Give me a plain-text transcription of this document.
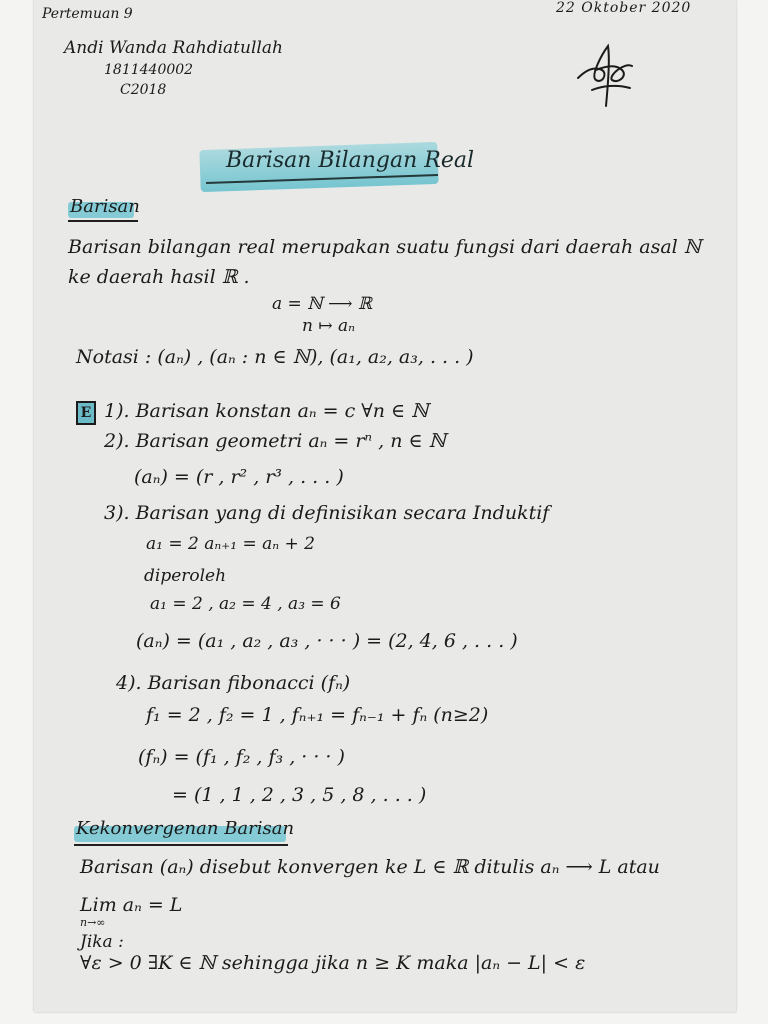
Pertemuan 9	22 Oktober 2020
Andi Wanda Rahdiatullah
1811440002
C2018
Barisan Bilangan Real
Barisan
Barisan bilangan real merupakan suatu fungsi dari daerah asal ℕ
ke daerah hasil ℝ .
a = ℕ ⟶ ℝ
n ↦ aₙ
Notasi : (aₙ) , (aₙ : n ∈ ℕ), (a₁, a₂, a₃, . . . )
E 1). Barisan konstan aₙ = c ∀n ∈ ℕ
2). Barisan geometri aₙ = rⁿ , n ∈ ℕ
(aₙ) = (r , r² , r³ , . . . )
3). Barisan yang di definisikan secara Induktif
a₁ = 2 aₙ₊₁ = aₙ + 2
diperoleh
a₁ = 2 , a₂ = 4 , a₃ = 6
(aₙ) = (a₁ , a₂ , a₃ , · · · ) = (2, 4, 6 , . . . )
4). Barisan fibonacci (fₙ)
f₁ = 2 , f₂ = 1 , fₙ₊₁ = fₙ₋₁ + fₙ (n≥2)
(fₙ) = (f₁ , f₂ , f₃ , · · · )
= (1 , 1 , 2 , 3 , 5 , 8 , . . . )
Kekonvergenan Barisan
Barisan (aₙ) disebut konvergen ke L ∈ ℝ ditulis aₙ ⟶ L atau
Lim aₙ = L
n→∞
Jika :
∀ε > 0 ∃K ∈ ℕ sehingga jika n ≥ K maka |aₙ − L| < ε
